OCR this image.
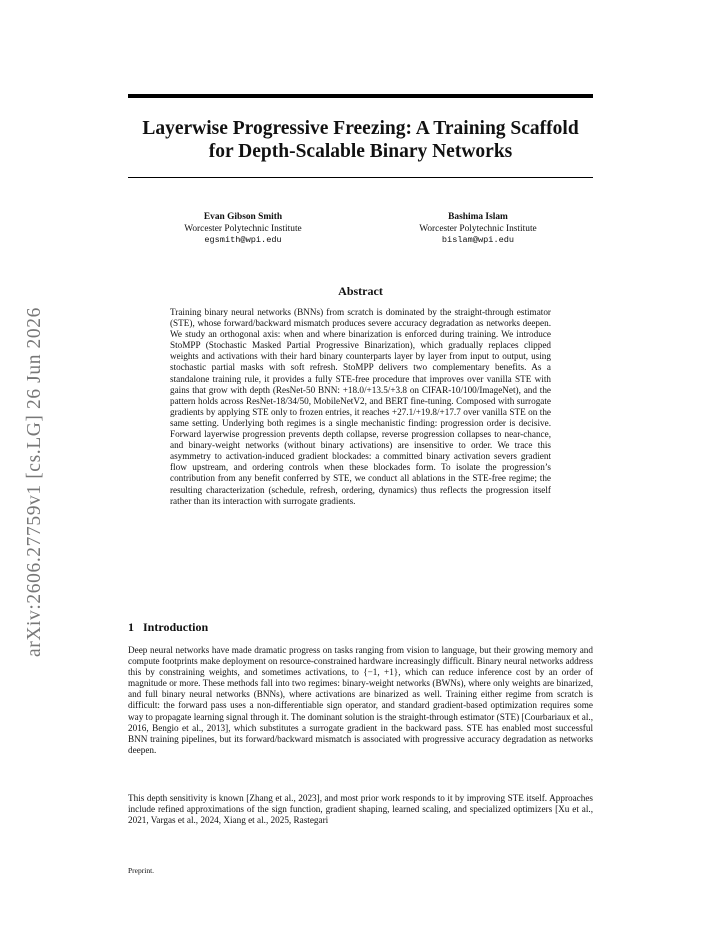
arXiv:2606.27759v1 [cs.LG] 26 Jun 2026
Layerwise Progressive Freezing: A Training Scaffold
for Depth-Scalable Binary Networks
Evan Gibson Smith
Worcester Polytechnic Institute
egsmith@wpi.edu
Bashima Islam
Worcester Polytechnic Institute
bislam@wpi.edu
Abstract

Training binary neural networks (BNNs) from scratch is dominated by the straight-through estimator (STE), whose forward/backward mismatch produces severe accuracy degradation as networks deepen. We study an orthogonal axis: when and where binarization is enforced during training. We introduce StoMPP (Stochastic Masked Partial Progressive Binarization), which gradually replaces clipped weights and activations with their hard binary counterparts layer by layer from input to output, using stochastic partial masks with soft refresh. StoMPP delivers two complementary benefits. As a standalone training rule, it provides a fully STE-free procedure that improves over vanilla STE with gains that grow with depth (ResNet-50 BNN: +18.0/+13.5/+3.8 on CIFAR-10/100/ImageNet), and the pattern holds across ResNet-18/34/50, MobileNetV2, and BERT fine-tuning. Composed with surrogate gradients by applying STE only to frozen entries, it reaches +27.1/+19.8/+17.7 over vanilla STE on the same setting. Underlying both regimes is a single mechanistic finding: progression order is decisive. Forward layerwise progression prevents depth collapse, reverse progression collapses to near-chance, and binary-weight networks (without binary activations) are insensitive to order. We trace this asymmetry to activation-induced gradient blockades: a committed binary activation severs gradient flow upstream, and ordering controls when these blockades form. To isolate the progression’s contribution from any benefit conferred by STE, we conduct all ablations in the STE-free regime; the resulting characterization (schedule, refresh, ordering, dynamics) thus reflects the progression itself rather than its interaction with surrogate gradients.

1 Introduction

Deep neural networks have made dramatic progress on tasks ranging from vision to language, but their growing memory and compute footprints make deployment on resource-constrained hardware increasingly difficult. Binary neural networks address this by constraining weights, and sometimes activations, to {−1, +1}, which can reduce inference cost by an order of magnitude or more. These methods fall into two regimes: binary-weight networks (BWNs), where only weights are binarized, and full binary neural networks (BNNs), where activations are binarized as well. Training either regime from scratch is difficult: the forward pass uses a non-differentiable sign operator, and standard gradient-based optimization requires some way to propagate learning signal through it. The dominant solution is the straight-through estimator (STE) [Courbariaux et al., 2016, Bengio et al., 2013], which substitutes a surrogate gradient in the backward pass. STE has enabled most successful BNN training pipelines, but its forward/backward mismatch is associated with progressive accuracy degradation as networks deepen.

This depth sensitivity is known [Zhang et al., 2023], and most prior work responds to it by improving STE itself. Approaches include refined approximations of the sign function, gradient shaping, learned scaling, and specialized optimizers [Xu et al., 2021, Vargas et al., 2024, Xiang et al., 2025, Rastegari

Preprint.
